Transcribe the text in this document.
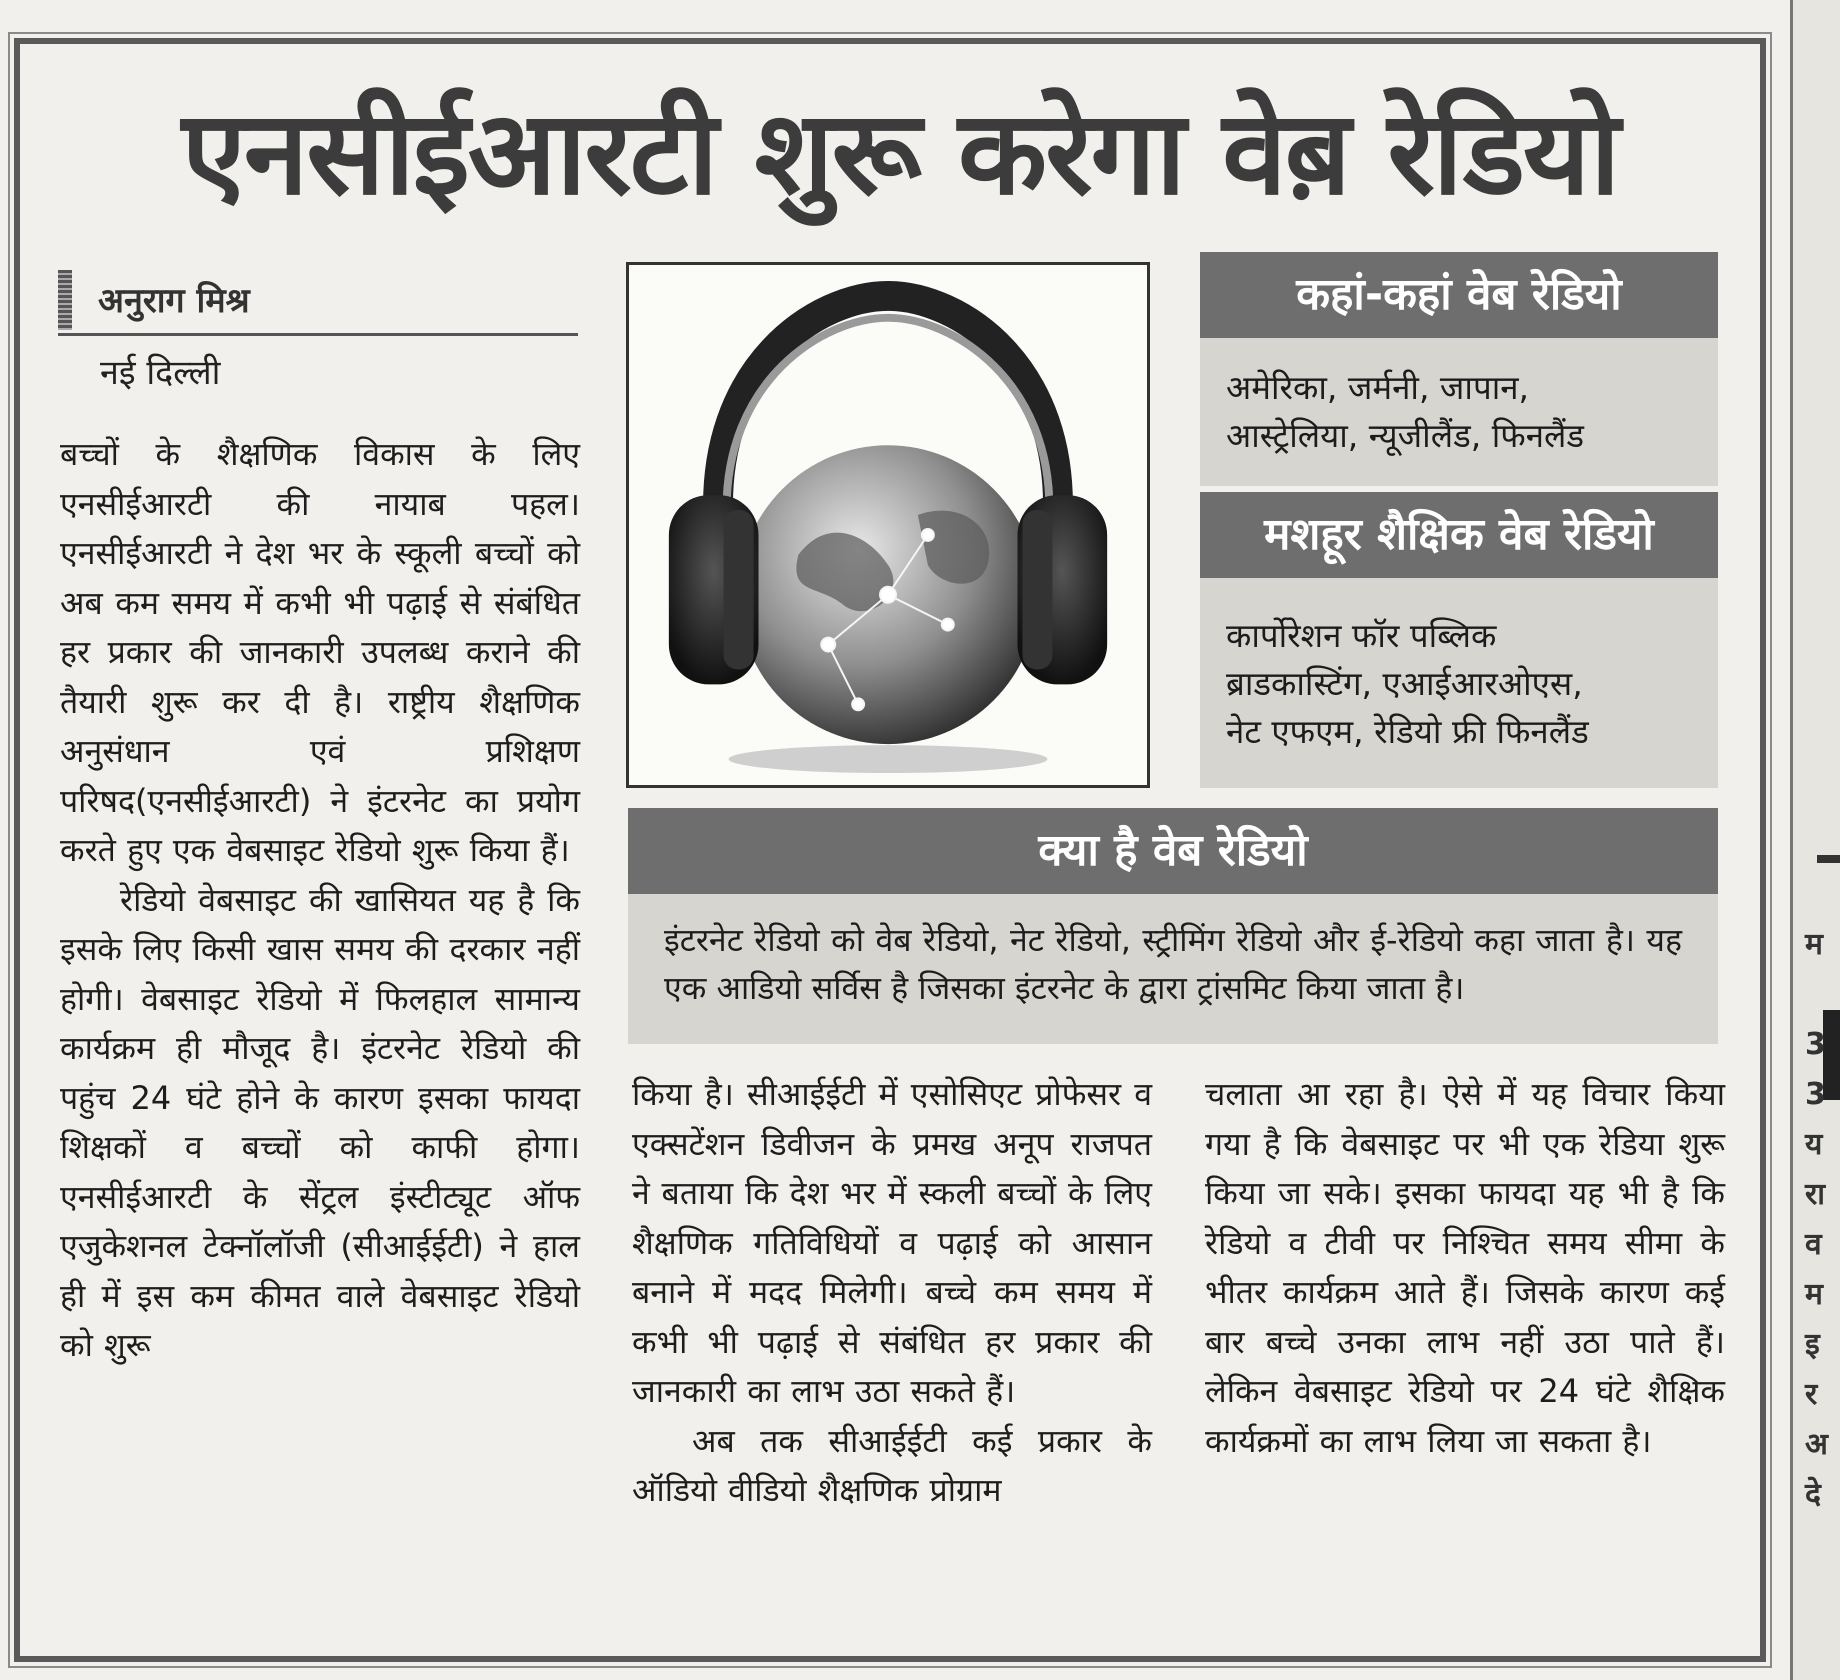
एनसीईआरटी शुरू करेगा वेब़ रेडियो
अनुराग मिश्र
नई दिल्ली

बच्चों के शैक्षणिक विकास के लिए एनसीईआरटी की नायाब पहल। एनसीईआरटी ने देश भर के स्कूली बच्चों को अब कम समय में कभी भी पढ़ाई से संबंधित हर प्रकार की जानकारी उपलब्ध कराने की तैयारी शुरू कर दी है। राष्ट्रीय शैक्षणिक अनुसंधान एवं प्रशिक्षण परिषद(एनसीईआरटी) ने इंटरनेट का प्रयोग करते हुए एक वेबसाइट रेडियो शुरू किया हैं।

रेडियो वेबसाइट की खासियत यह है कि इसके लिए किसी खास समय की दरकार नहीं होगी। वेबसाइट रेडियो में फिलहाल सामान्य कार्यक्रम ही मौजूद है। इंटरनेट रेडियो की पहुंच 24 घंटे होने के कारण इसका फायदा शिक्षकों व बच्चों को काफी होगा। एनसीईआरटी के सेंट्रल इंस्टीट्यूट ऑफ एजुकेशनल टेक्नॉलॉजी (सीआईईटी) ने हाल ही में इस कम कीमत वाले वेबसाइट रेडियो को शुरू

कहां-कहां वेब रेडियो
अमेरिका, जर्मनी, जापान,
आस्ट्रेलिया, न्यूजीलैंड, फिनलैंड
मशहूर शैक्षिक वेब रेडियो
कार्पोरेशन फॉर पब्लिक
ब्राडकास्टिंग, एआईआरओएस,
नेट एफएम, रेडियो फ्री फिनलैंड
क्या है वेब रेडियो
इंटरनेट रेडियो को वेब रेडियो, नेट रेडियो, स्ट्रीमिंग रेडियो और ई-रेडियो कहा जाता है। यह एक आडियो सर्विस है जिसका इंटरनेट के द्वारा ट्रांसमिट किया जाता है।

किया है। सीआईईटी में एसोसिएट प्रोफेसर व एक्सटेंशन डिवीजन के प्रमख अनूप राजपत ने बताया कि देश भर में स्कली बच्चों के लिए शैक्षणिक गतिविधियों व पढ़ाई को आसान बनाने में मदद मिलेगी। बच्चे कम समय में कभी भी पढ़ाई से संबंधित हर प्रकार की जानकारी का लाभ उठा सकते हैं।

अब तक सीआईईटी कई प्रकार के ऑडियो वीडियो शैक्षणिक प्रोग्राम

चलाता आ रहा है। ऐसे में यह विचार किया गया है कि वेबसाइट पर भी एक रेडिया शुरू किया जा सके। इसका फायदा यह भी है कि रेडियो व टीवी पर निश्चित समय सीमा के भीतर कार्यक्रम आते हैं। जिसके कारण कई बार बच्चे उनका लाभ नहीं उठा पाते हैं। लेकिन वेबसाइट रेडियो पर 24 घंटे शैक्षिक कार्यक्रमों का लाभ लिया जा सकता है।

म

3
3
य
रा
व
म
इ
र
अ
दे
